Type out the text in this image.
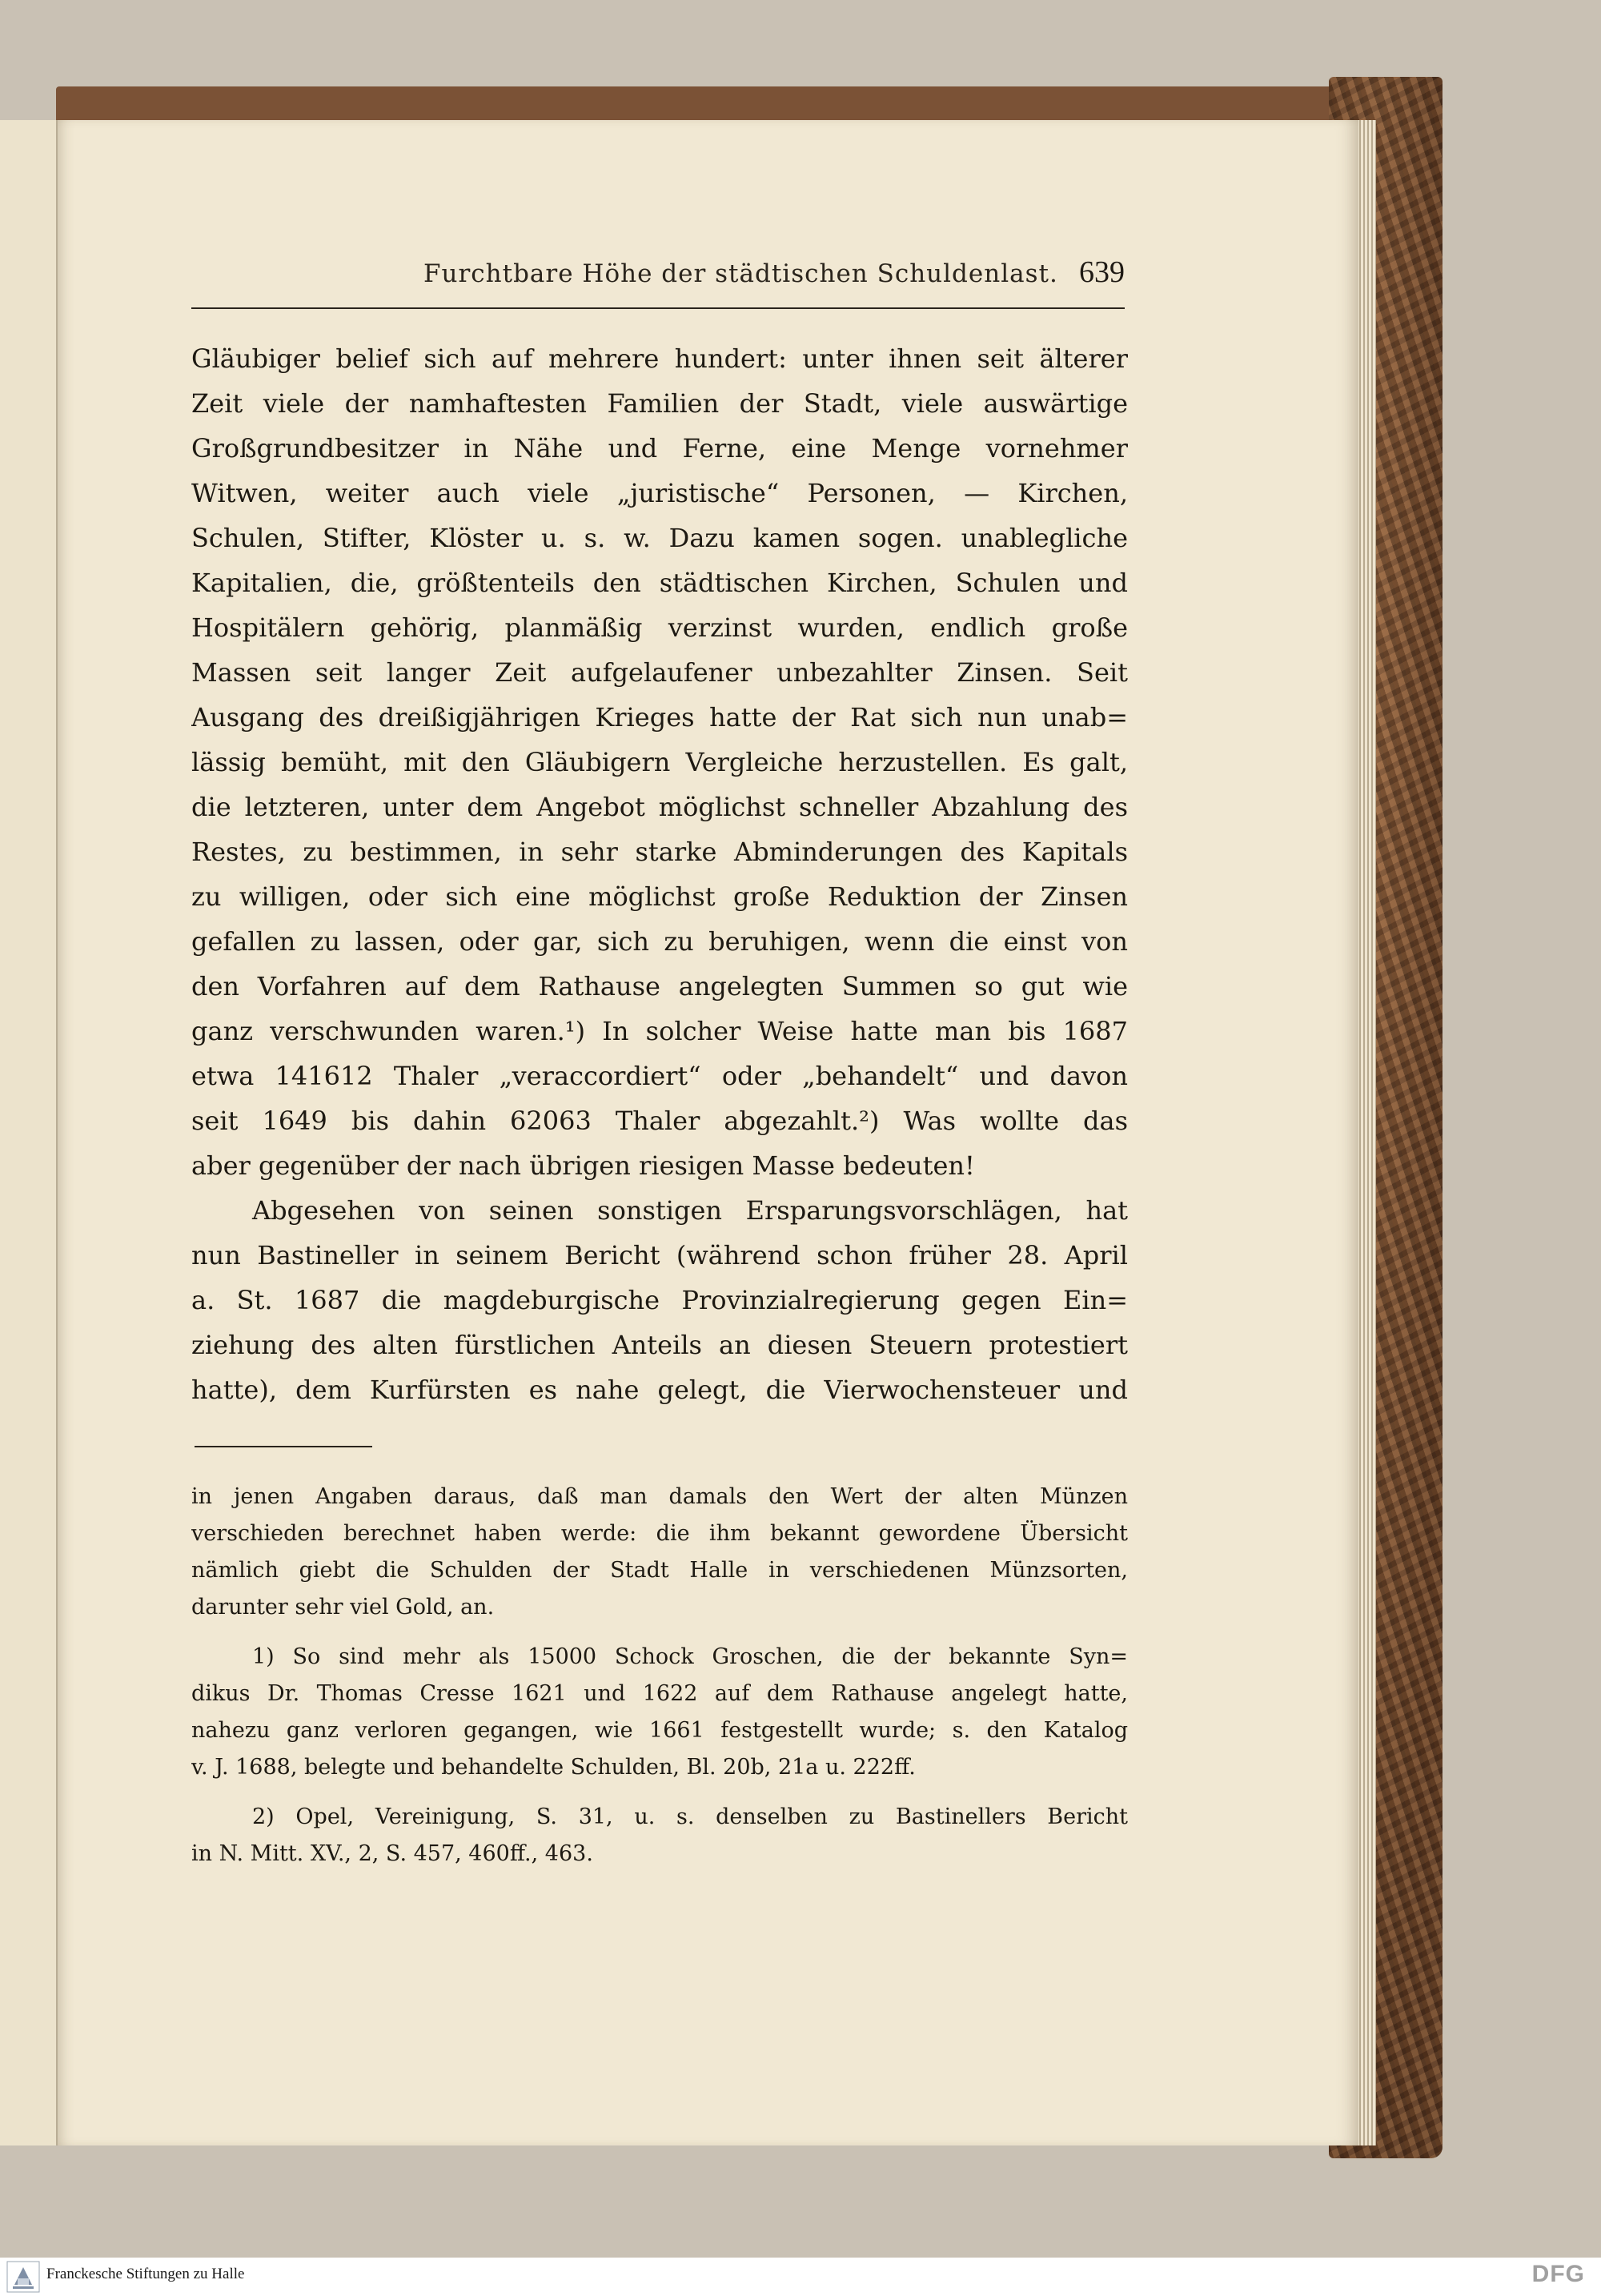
Furchtbare Höhe der städtischen Schuldenlast. 639
Gläubiger belief sich auf mehrere hundert: unter ihnen seit älterer
Zeit viele der namhaftesten Familien der Stadt, viele auswärtige
Großgrundbesitzer in Nähe und Ferne, eine Menge vornehmer
Witwen, weiter auch viele „juristische“ Personen, — Kirchen,
Schulen, Stifter, Klöster u. s. w. Dazu kamen sogen. unablegliche
Kapitalien, die, größtenteils den städtischen Kirchen, Schulen und
Hospitälern gehörig, planmäßig verzinst wurden, endlich große
Massen seit langer Zeit aufgelaufener unbezahlter Zinsen. Seit
Ausgang des dreißigjährigen Krieges hatte der Rat sich nun unab=
lässig bemüht, mit den Gläubigern Vergleiche herzustellen. Es galt,
die letzteren, unter dem Angebot möglichst schneller Abzahlung des
Restes, zu bestimmen, in sehr starke Abminderungen des Kapitals
zu willigen, oder sich eine möglichst große Reduktion der Zinsen
gefallen zu lassen, oder gar, sich zu beruhigen, wenn die einst von
den Vorfahren auf dem Rathause angelegten Summen so gut wie
ganz verschwunden waren.¹) In solcher Weise hatte man bis 1687
etwa 141612 Thaler „veraccordiert“ oder „behandelt“ und davon
seit 1649 bis dahin 62063 Thaler abgezahlt.²) Was wollte das
aber gegenüber der nach übrigen riesigen Masse bedeuten!
Abgesehen von seinen sonstigen Ersparungsvorschlägen, hat
nun Bastineller in seinem Bericht (während schon früher 28. April
a. St. 1687 die magdeburgische Provinzialregierung gegen Ein=
ziehung des alten fürstlichen Anteils an diesen Steuern protestiert
hatte), dem Kurfürsten es nahe gelegt, die Vierwochensteuer und
in jenen Angaben daraus, daß man damals den Wert der alten Münzen
verschieden berechnet haben werde: die ihm bekannt gewordene Übersicht
nämlich giebt die Schulden der Stadt Halle in verschiedenen Münzsorten,
darunter sehr viel Gold, an.
1) So sind mehr als 15000 Schock Groschen, die der bekannte Syn=
dikus Dr. Thomas Cresse 1621 und 1622 auf dem Rathause angelegt hatte,
nahezu ganz verloren gegangen, wie 1661 festgestellt wurde; s. den Katalog
v. J. 1688, belegte und behandelte Schulden, Bl. 20b, 21a u. 222ff.
2) Opel, Vereinigung, S. 31, u. s. denselben zu Bastinellers Bericht
in N. Mitt. XV., 2, S. 457, 460ff., 463.
Franckesche Stiftungen zu Halle	DFG
